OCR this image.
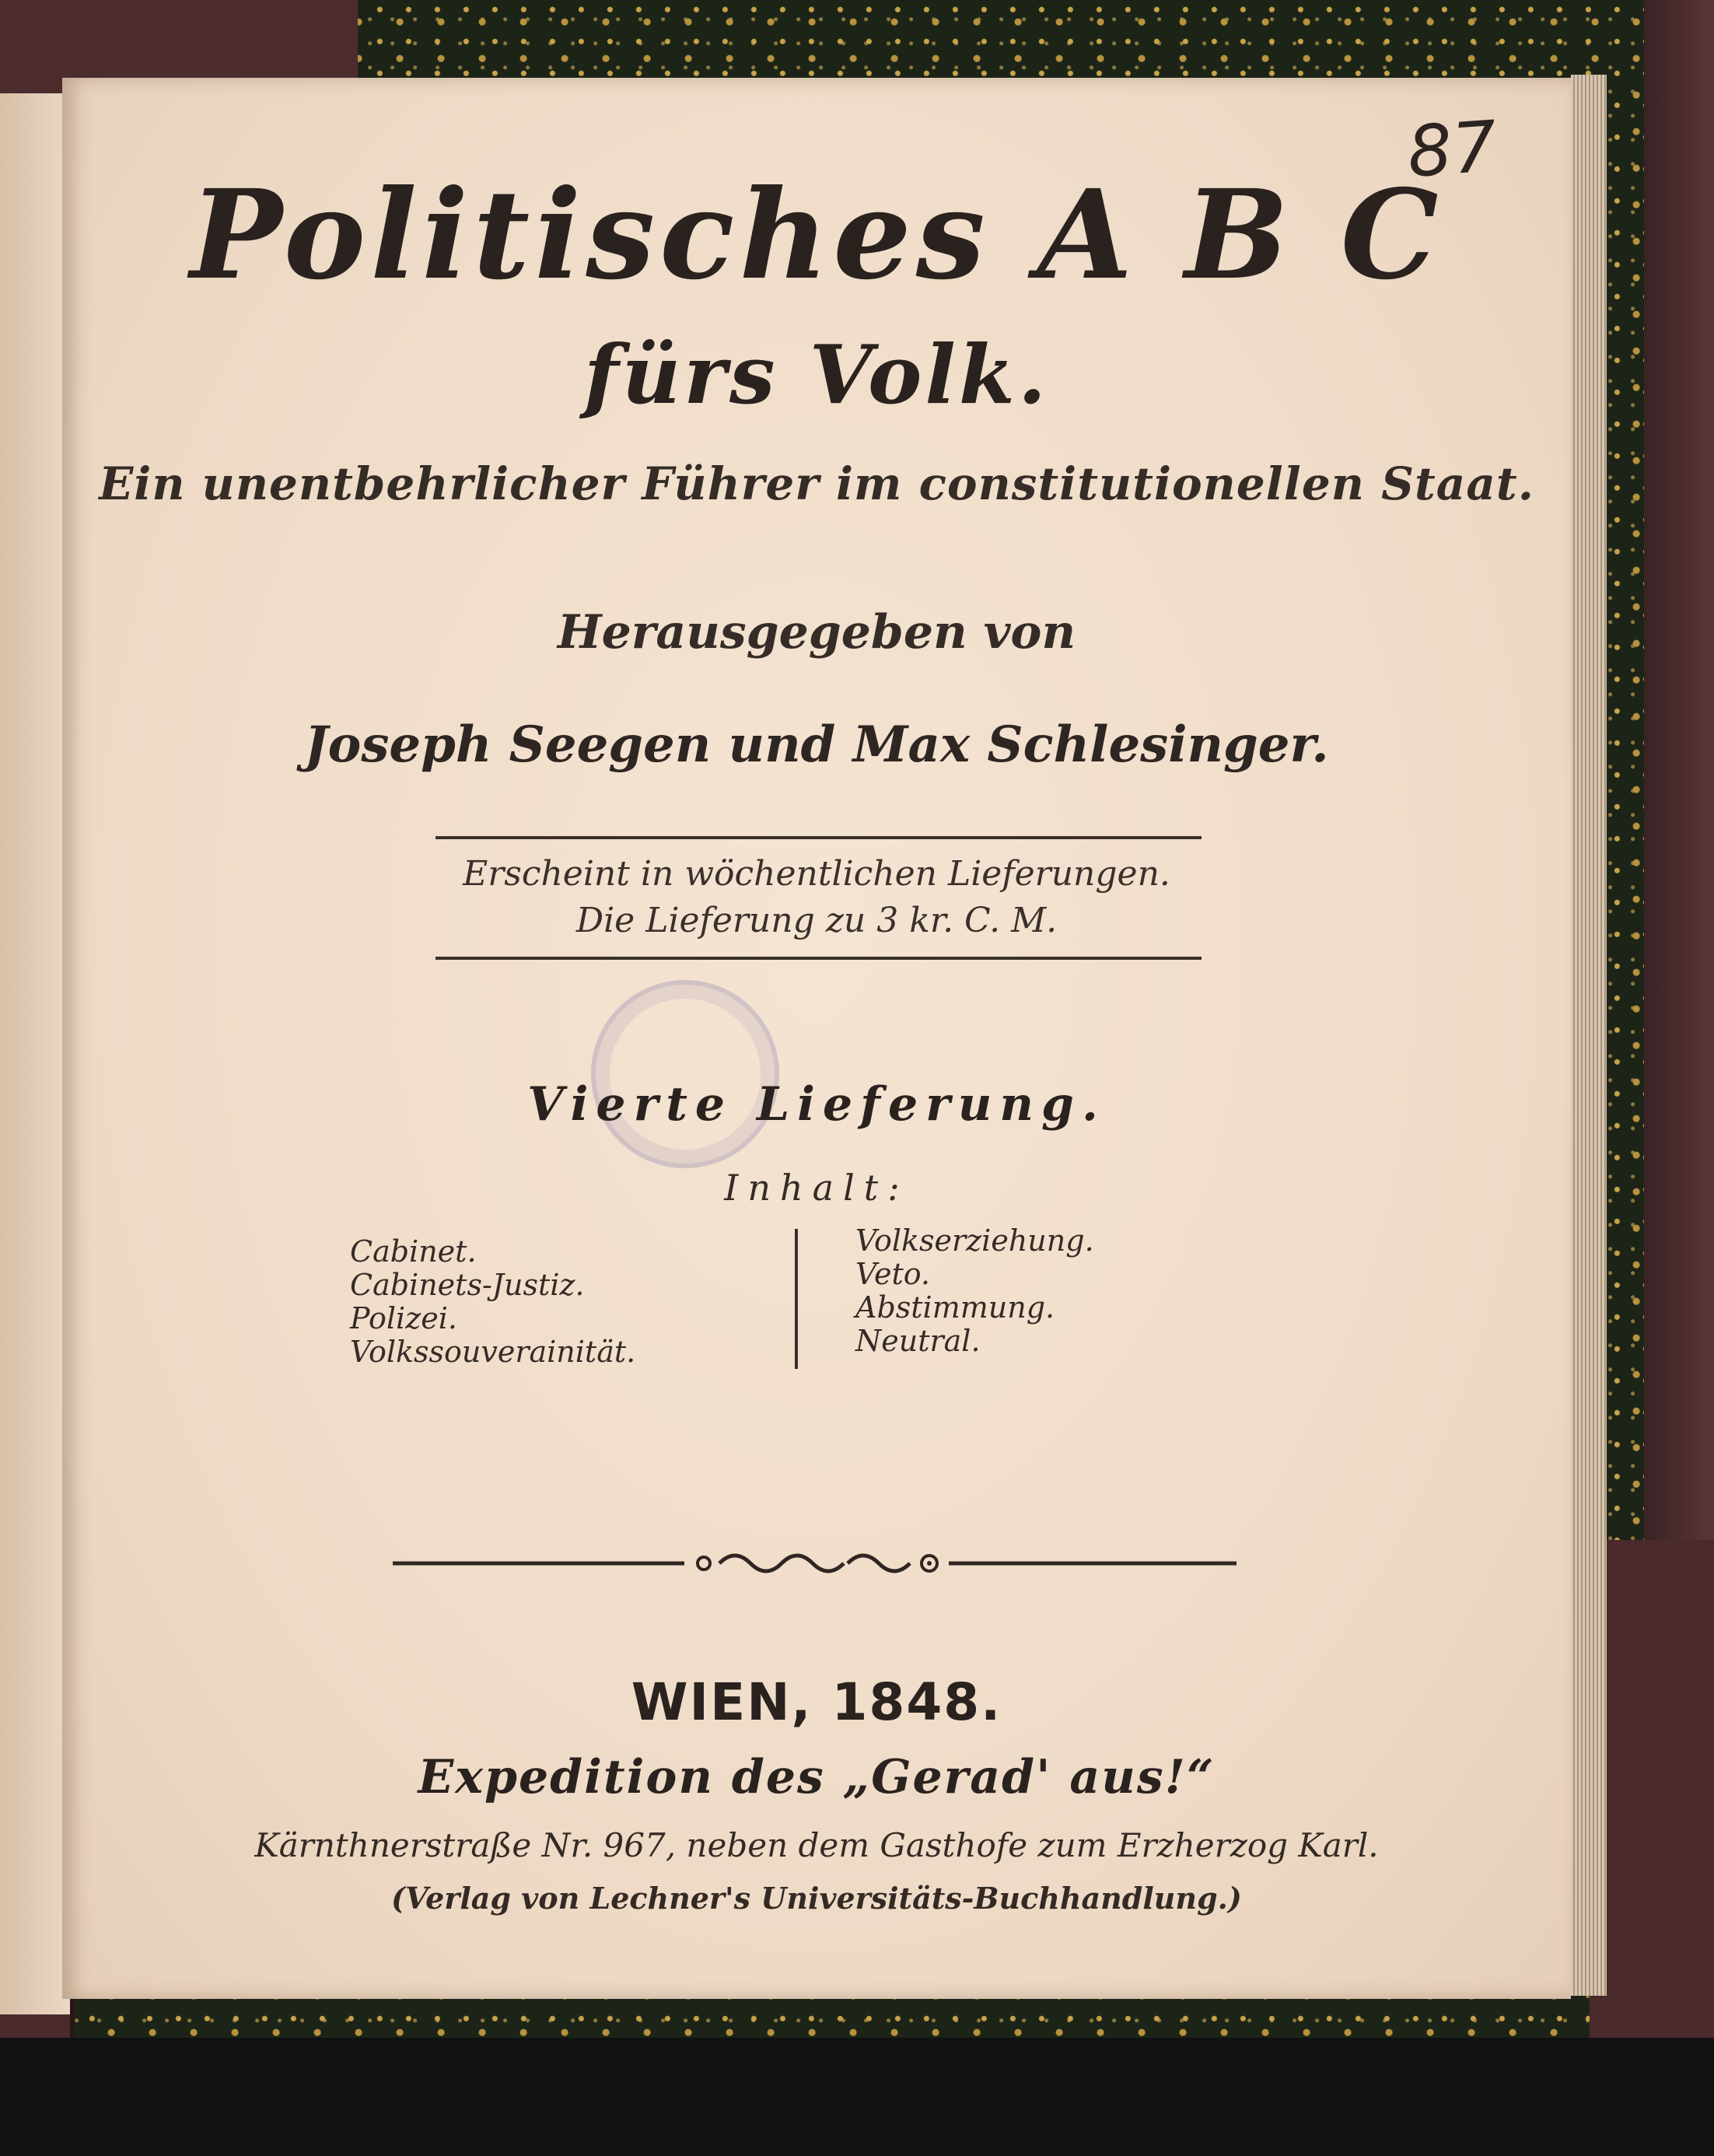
87
Politisches A B C
fürs Volk.
Ein unentbehrlicher Führer im constitutionellen Staat.
Herausgegeben von
Joseph Seegen und Max Schlesinger.
Erscheint in wöchentlichen Lieferungen.
Die Lieferung zu 3 kr. C. M.
Vierte Lieferung.
Inhalt:
Cabinet.
Cabinets-Justiz.
Polizei.
Volkssouverainität.
Volkserziehung.
Veto.
Abstimmung.
Neutral.
WIEN, 1848.
Expedition des „Gerad' aus!“
Kärnthnerstraße Nr. 967, neben dem Gasthofe zum Erzherzog Karl.
(Verlag von Lechner's Universitäts-Buchhandlung.)
